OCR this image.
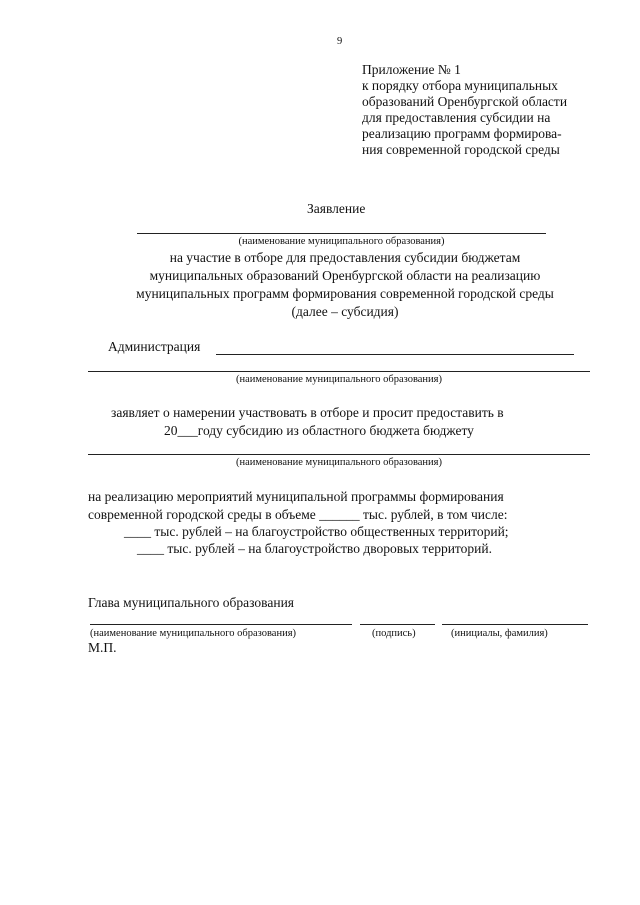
9
Приложение № 1
к порядку отбора муниципальных
образований Оренбургской области
для предоставления субсидии на
реализацию программ формирова-
ния современной городской среды
Заявление
(наименование муниципального образования)
на участие в отборе для предоставления субсидии бюджетам
муниципальных образований Оренбургской области на реализацию
муниципальных программ формирования современной городской среды
(далее – субсидия)
Администрация
(наименование муниципального образования)
заявляет о намерении участвовать в отборе и просит предоставить в
20___году субсидию из областного бюджета бюджету
(наименование муниципального образования)
на реализацию мероприятий муниципальной программы формирования
современной городской среды в объеме ______ тыс. рублей, в том числе:
____ тыс. рублей – на благоустройство общественных территорий;
____ тыс. рублей – на благоустройство дворовых территорий.
Глава муниципального образования
(наименование муниципального образования)	(подпись)	(инициалы, фамилия)
М.П.
